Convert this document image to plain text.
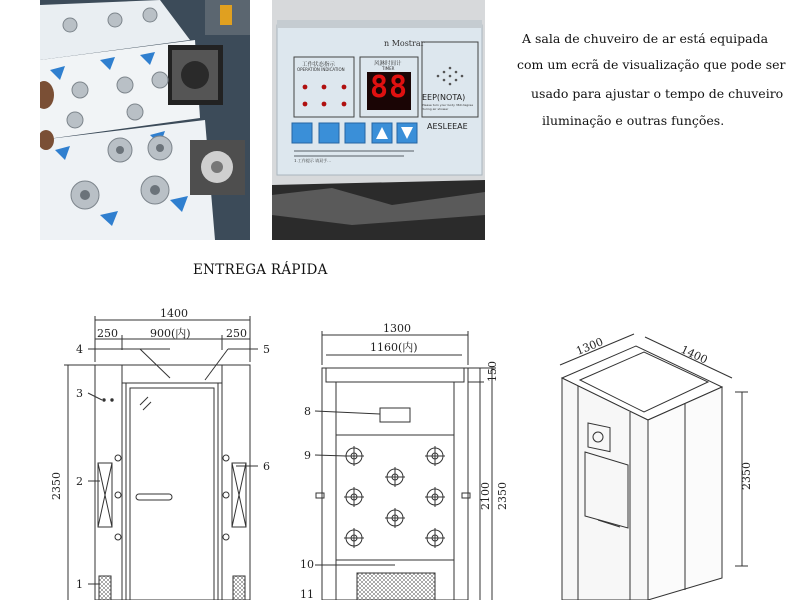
n Mostrar
工作状态指示
OPERATION INDICATION
风淋时间计
TIMER
88 EEP(NOTA)
Please turn your body 360 degree during air shower
AESLEEAE
1.工作提示 请双手…
A sala de chuveiro de ar está equipada
com um ecrã de visualização que pode ser
usado para ajustar o tempo de chuveiro
iluminação e outras funções.
ENTREGA RÁPIDA
1400
250	900(内)	250
2350
4	5
3
2
6
1
1300
1160(内)
150
2100 2350
8
9
10
11
1300	1400
2350
